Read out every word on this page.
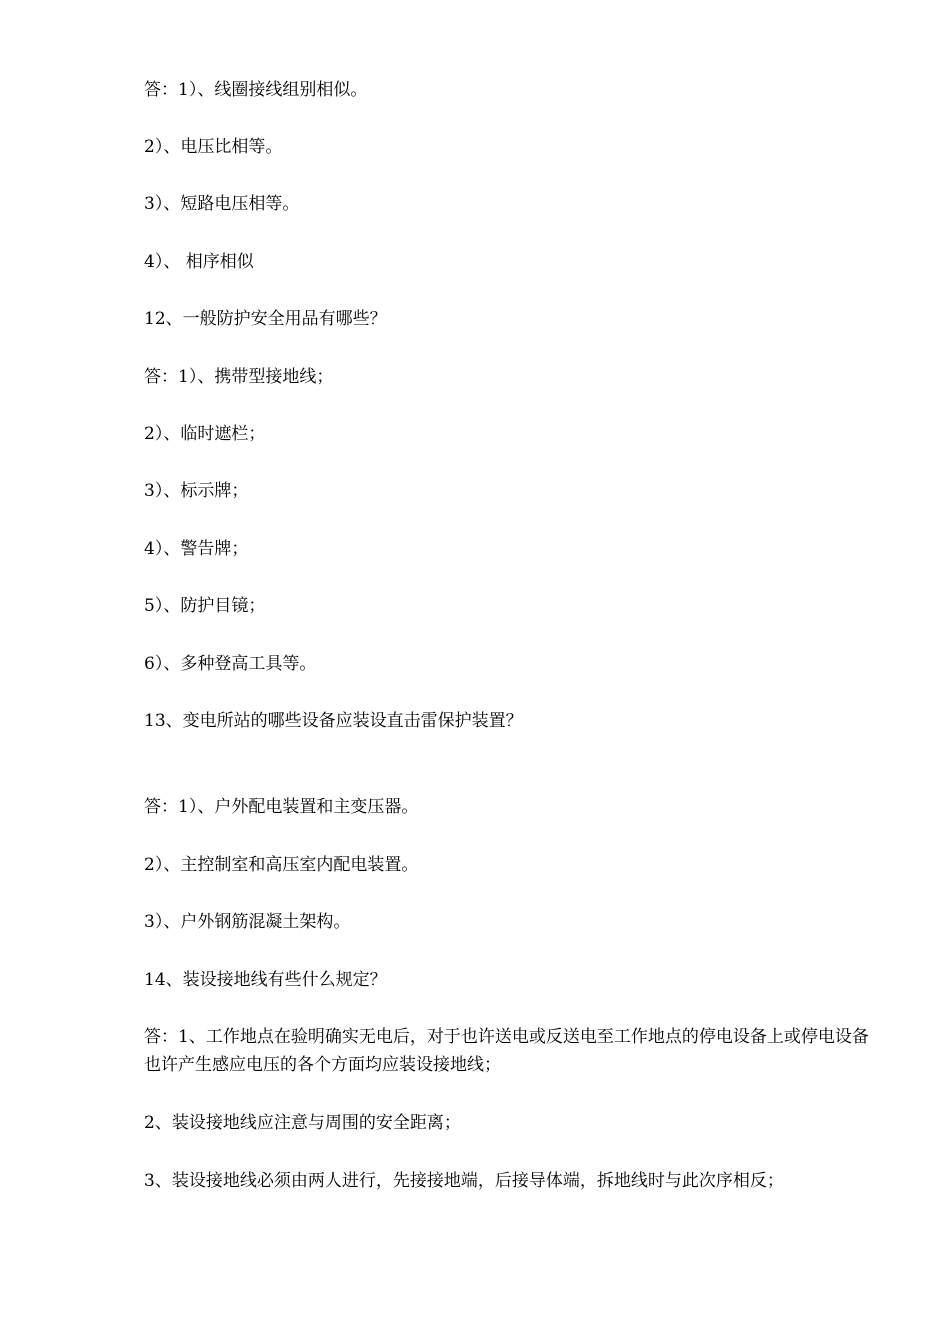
答：1）、线圈接线组别相似。
2）、电压比相等。
3）、短路电压相等。
4）、 相序相似
12、一般防护安全用品有哪些？
答：1）、携带型接地线；
2）、临时遮栏；
3）、标示牌；
4）、警告牌；
5）、防护目镜；
6）、多种登高工具等。
13、变电所站的哪些设备应装设直击雷保护装置？
答：1）、户外配电装置和主变压器。
2）、主控制室和高压室内配电装置。
3）、户外钢筋混凝土架构。
14、装设接地线有些什么规定？
答：1、工作地点在验明确实无电后，对于也许送电或反送电至工作地点的停电设备上或停电设备也许产生感应电压的各个方面均应装设接地线；
2、装设接地线应注意与周围的安全距离；
3、装设接地线必须由两人进行，先接接地端，后接导体端，拆地线时与此次序相反；
